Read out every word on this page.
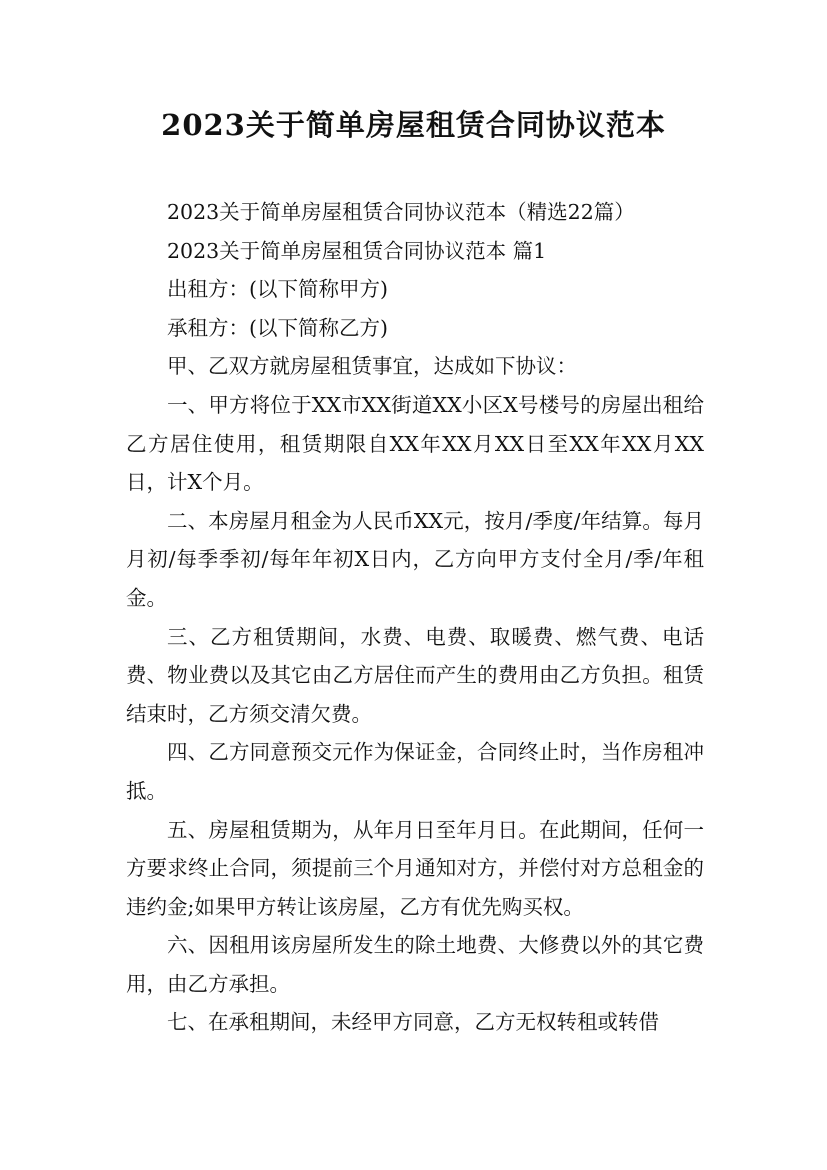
2023关于简单房屋租赁合同协议范本

2023关于简单房屋租赁合同协议范本（精选22篇）

2023关于简单房屋租赁合同协议范本 篇1

出租方：(以下简称甲方)

承租方：(以下简称乙方)

甲、乙双方就房屋租赁事宜，达成如下协议：

一、甲方将位于XX市XX街道XX小区X号楼号的房屋出租给乙方居住使用，租赁期限自XX年XX月XX日至XX年XX月XX日，计X个月。

二、本房屋月租金为人民币XX元，按月/季度/年结算。每月月初/每季季初/每年年初X日内，乙方向甲方支付全月/季/年租金。

三、乙方租赁期间，水费、电费、取暖费、燃气费、电话费、物业费以及其它由乙方居住而产生的费用由乙方负担。租赁结束时，乙方须交清欠费。

四、乙方同意预交元作为保证金，合同终止时，当作房租冲抵。

五、房屋租赁期为，从年月日至年月日。在此期间，任何一方要求终止合同，须提前三个月通知对方，并偿付对方总租金的违约金;如果甲方转让该房屋，乙方有优先购买权。

六、因租用该房屋所发生的除土地费、大修费以外的其它费用，由乙方承担。

七、在承租期间，未经甲方同意，乙方无权转租或转借
